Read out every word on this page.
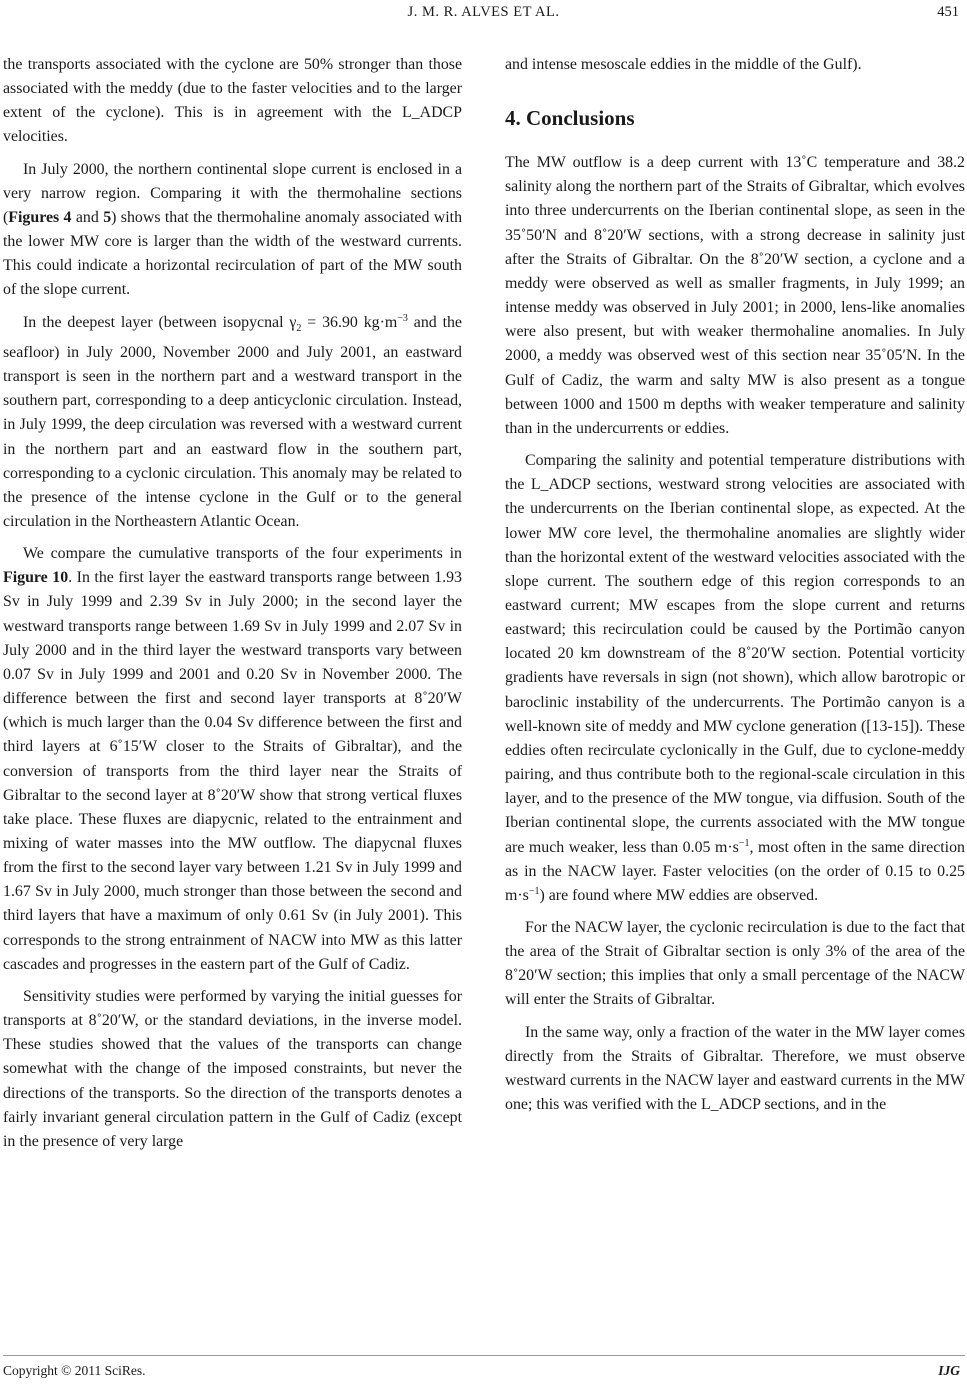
J. M. R. ALVES ET AL.	451

the transports associated with the cyclone are 50% stronger than those associated with the meddy (due to the faster velocities and to the larger extent of the cyclone). This is in agreement with the L_ADCP velocities.

In July 2000, the northern continental slope current is enclosed in a very narrow region. Comparing it with the thermohaline sections (Figures 4 and 5) shows that the thermohaline anomaly associated with the lower MW core is larger than the width of the westward currents. This could indicate a horizontal recirculation of part of the MW south of the slope current.

In the deepest layer (between isopycnal $\gamma_2 = 36.90$ $kg\cdot m^{-3}$ and the seafloor) in July 2000, November 2000 and July 2001, an eastward transport is seen in the northern part and a westward transport in the southern part, corresponding to a deep anticyclonic circulation. Instead, in July 1999, the deep circulation was reversed with a westward current in the northern part and an eastward flow in the southern part, corresponding to a cyclonic circulation. This anomaly may be related to the presence of the intense cyclone in the Gulf or to the general circulation in the Northeastern Atlantic Ocean.

We compare the cumulative transports of the four experiments in Figure 10. In the first layer the eastward transports range between 1.93 Sv in July 1999 and 2.39 Sv in July 2000; in the second layer the westward transports range between 1.69 Sv in July 1999 and 2.07 Sv in July 2000 and in the third layer the westward transports vary between 0.07 Sv in July 1999 and 2001 and 0.20 Sv in November 2000. The difference between the first and second layer transports at 8˚20′W (which is much larger than the 0.04 Sv difference between the first and third layers at 6˚15′W closer to the Straits of Gibraltar), and the conversion of transports from the third layer near the Straits of Gibraltar to the second layer at 8˚20′W show that strong vertical fluxes take place. These fluxes are diapycnic, related to the entrainment and mixing of water masses into the MW outflow. The diapycnal fluxes from the first to the second layer vary between 1.21 Sv in July 1999 and 1.67 Sv in July 2000, much stronger than those between the second and third layers that have a maximum of only 0.61 Sv (in July 2001). This corresponds to the strong entrainment of NACW into MW as this latter cascades and progresses in the eastern part of the Gulf of Cadiz.

Sensitivity studies were performed by varying the initial guesses for transports at 8˚20′W, or the standard deviations, in the inverse model. These studies showed that the values of the transports can change somewhat with the change of the imposed constraints, but never the directions of the transports. So the direction of the transports denotes a fairly invariant general circulation pattern in the Gulf of Cadiz (except in the presence of very large

and intense mesoscale eddies in the middle of the Gulf).

4. Conclusions

The MW outflow is a deep current with 13˚C temperature and 38.2 salinity along the northern part of the Straits of Gibraltar, which evolves into three undercurrents on the Iberian continental slope, as seen in the 35˚50′N and 8˚20′W sections, with a strong decrease in salinity just after the Straits of Gibraltar. On the 8˚20′W section, a cyclone and a meddy were observed as well as smaller fragments, in July 1999; an intense meddy was observed in July 2001; in 2000, lens-like anomalies were also present, but with weaker thermohaline anomalies. In July 2000, a meddy was observed west of this section near 35˚05′N. In the Gulf of Cadiz, the warm and salty MW is also present as a tongue between 1000 and 1500 m depths with weaker temperature and salinity than in the undercurrents or eddies.

Comparing the salinity and potential temperature distributions with the L_ADCP sections, westward strong velocities are associated with the undercurrents on the Iberian continental slope, as expected. At the lower MW core level, the thermohaline anomalies are slightly wider than the horizontal extent of the westward velocities associated with the slope current. The southern edge of this region corresponds to an eastward current; MW escapes from the slope current and returns eastward; this recirculation could be caused by the Portimão canyon located 20 km downstream of the 8˚20′W section. Potential vorticity gradients have reversals in sign (not shown), which allow barotropic or baroclinic instability of the undercurrents. The Portimão canyon is a well-known site of meddy and MW cyclone generation ([13-15]). These eddies often recirculate cyclonically in the Gulf, due to cyclone-meddy pairing, and thus contribute both to the regional-scale circulation in this layer, and to the presence of the MW tongue, via diffusion. South of the Iberian continental slope, the currents associated with the MW tongue are much weaker, less than 0.05 $m\cdot s^{-1}$, most often in the same direction as in the NACW layer. Faster velocities (on the order of 0.15 to 0.25 $m\cdot s^{-1}$) are found where MW eddies are observed.

For the NACW layer, the cyclonic recirculation is due to the fact that the area of the Strait of Gibraltar section is only 3% of the area of the 8˚20′W section; this implies that only a small percentage of the NACW will enter the Straits of Gibraltar.

In the same way, only a fraction of the water in the MW layer comes directly from the Straits of Gibraltar. Therefore, we must observe westward currents in the NACW layer and eastward currents in the MW one; this was verified with the L_ADCP sections, and in the

Copyright © 2011 SciRes.	IJG
